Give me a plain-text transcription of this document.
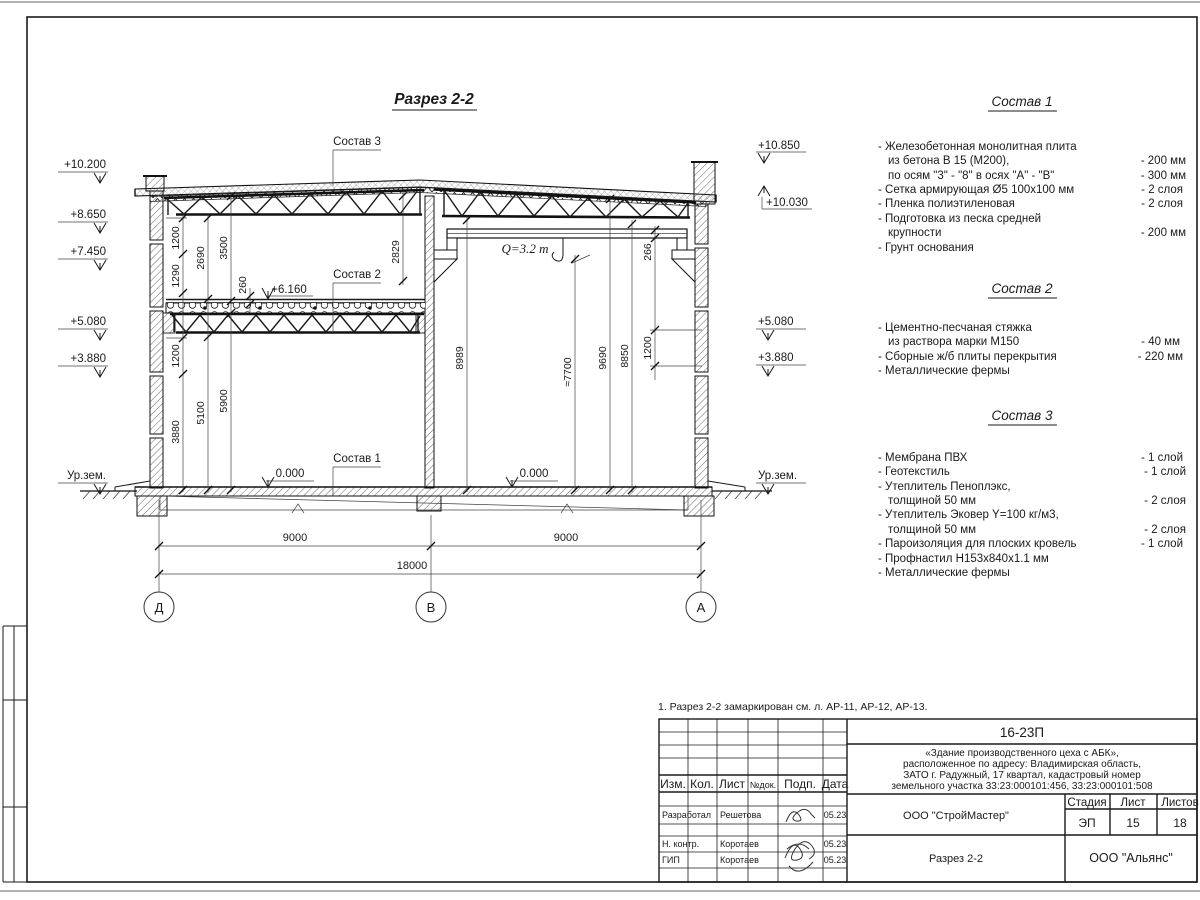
Разрез 2-2
Q=3.2 т
1200
1290
1200
3880
2690
5100
3500
5900
260
2829
8989	≈7700 9690 8850
266
1200
9000	9000
18000
Д	В	А
+10.200
+8.650
+7.450
+5.080
+3.880
Ур.зем.
+10.850
+10.030
+5.080
+3.880
Ур.зем.
Состав 3
Состав 2
Состав 1
+6.160
0.000	0.000
Состав 1
- Железобетонная монолитная плита
из бетона В 15 (М200),	- 200 мм
по осям "3" - "8" в осях "А" - "В"	- 300 мм
- Сетка армирующая Ø5 100х100 мм	- 2 слоя
- Пленка полиэтиленовая	- 2 слоя
- Подготовка из песка средней
крупности	- 200 мм
- Грунт основания
Состав 2
- Цементно-песчаная стяжка
из раствора марки М150	- 40 мм
- Сборные ж/б плиты перекрытия	- 220 мм
- Металлические фермы
Состав 3
- Мембрана ПВХ	- 1 слой
- Геотекстиль	- 1 слой
- Утеплитель Пеноплэкс,
толщиной 50 мм	- 2 слоя
- Утеплитель Эковер Y=100 кг/м3,
толщиной 50 мм	- 2 слоя
- Пароизоляция для плоских кровель	- 1 слой
- Профнастил Н153х840х1.1 мм
- Металлические фермы
1. Разрез 2-2 замаркирован см. л. АР-11, АР-12, АР-13.
Изм. Кол. Лист №док. Подп. Дата
Разработал Решетова	05.23
Н. контр. Коротаев	05.23
ГИП	Коротаев	05.23
16-23П
«Здание производственного цеха с АБК»,
расположенное по адресу: Владимирская область,
ЗАТО г. Радужный, 17 квартал, кадастровый номер
земельного участка 33:23:000101:456, 33:23:000101:508
ООО "СтройМастер"
Стадия Лист Листов
ЭП	15	18
Разрез 2-2	ООО "Альянс"
